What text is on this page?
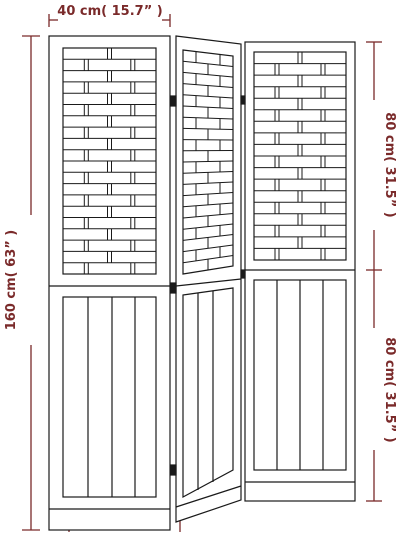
40 cm( 15.7” )
160 cm( 63” )
80 cm( 31.5” )
80 cm( 31.5” )
